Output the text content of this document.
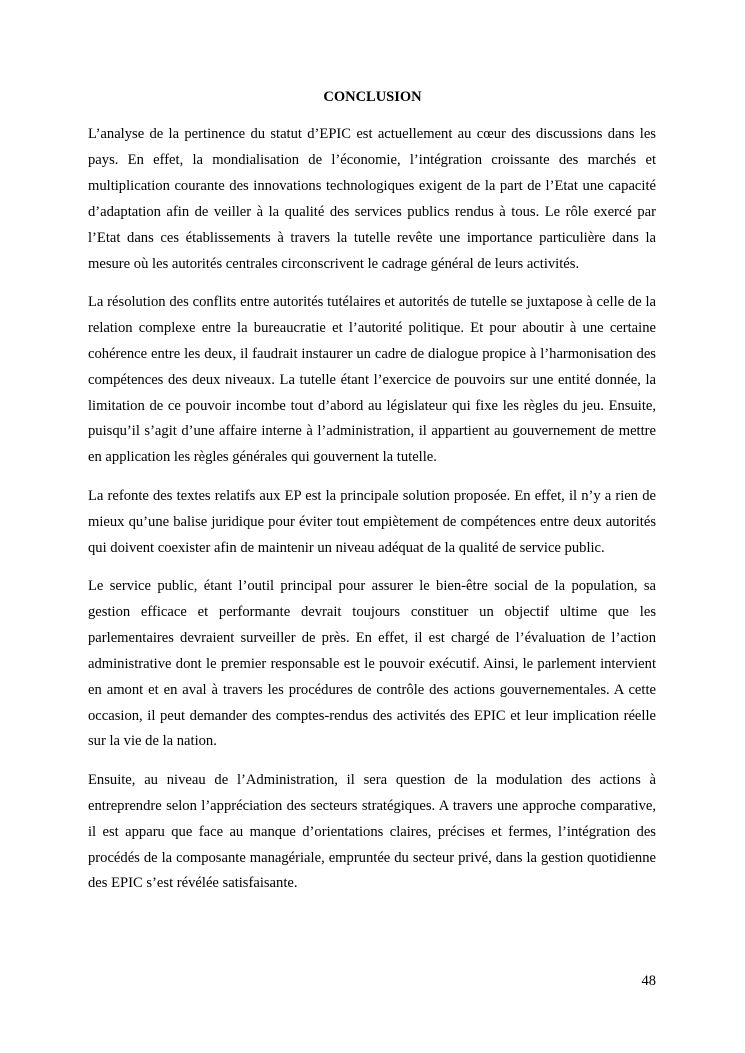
CONCLUSION

L’analyse de la pertinence du statut d’EPIC est actuellement au cœur des discussions dans les pays. En effet, la mondialisation de l’économie, l’intégration croissante des marchés et multiplication courante des innovations technologiques exigent de la part de l’Etat une capacité d’adaptation afin de veiller à la qualité des services publics rendus à tous. Le rôle exercé par l’Etat dans ces établissements à travers la tutelle revête une importance particulière dans la mesure où les autorités centrales circonscrivent le cadrage général de leurs activités.

La résolution des conflits entre autorités tutélaires et autorités de tutelle se juxtapose à celle de la relation complexe entre la bureaucratie et l’autorité politique. Et pour aboutir à une certaine cohérence entre les deux, il faudrait instaurer un cadre de dialogue propice à l’harmonisation des compétences des deux niveaux. La tutelle étant l’exercice de pouvoirs sur une entité donnée, la limitation de ce pouvoir incombe tout d’abord au législateur qui fixe les règles du jeu. Ensuite, puisqu’il s’agit d’une affaire interne à l’administration, il appartient au gouvernement de mettre en application les règles générales qui gouvernent la tutelle.

La refonte des textes relatifs aux EP est la principale solution proposée. En effet, il n’y a rien de mieux qu’une balise juridique pour éviter tout empiètement de compétences entre deux autorités qui doivent coexister afin de maintenir un niveau adéquat de la qualité de service public.

Le service public, étant l’outil principal pour assurer le bien-être social de la population, sa gestion efficace et performante devrait toujours constituer un objectif ultime que les parlementaires devraient surveiller de près. En effet, il est chargé de l’évaluation de l’action administrative dont le premier responsable est le pouvoir exécutif. Ainsi, le parlement intervient en amont et en aval à travers les procédures de contrôle des actions gouvernementales. A cette occasion, il peut demander des comptes-rendus des activités des EPIC et leur implication réelle sur la vie de la nation.

Ensuite, au niveau de l’Administration, il sera question de la modulation des actions à entreprendre selon l’appréciation des secteurs stratégiques. A travers une approche comparative, il est apparu que face au manque d’orientations claires, précises et fermes, l’intégration des procédés de la composante managériale, empruntée du secteur privé, dans la gestion quotidienne des EPIC s’est révélée satisfaisante.

48
